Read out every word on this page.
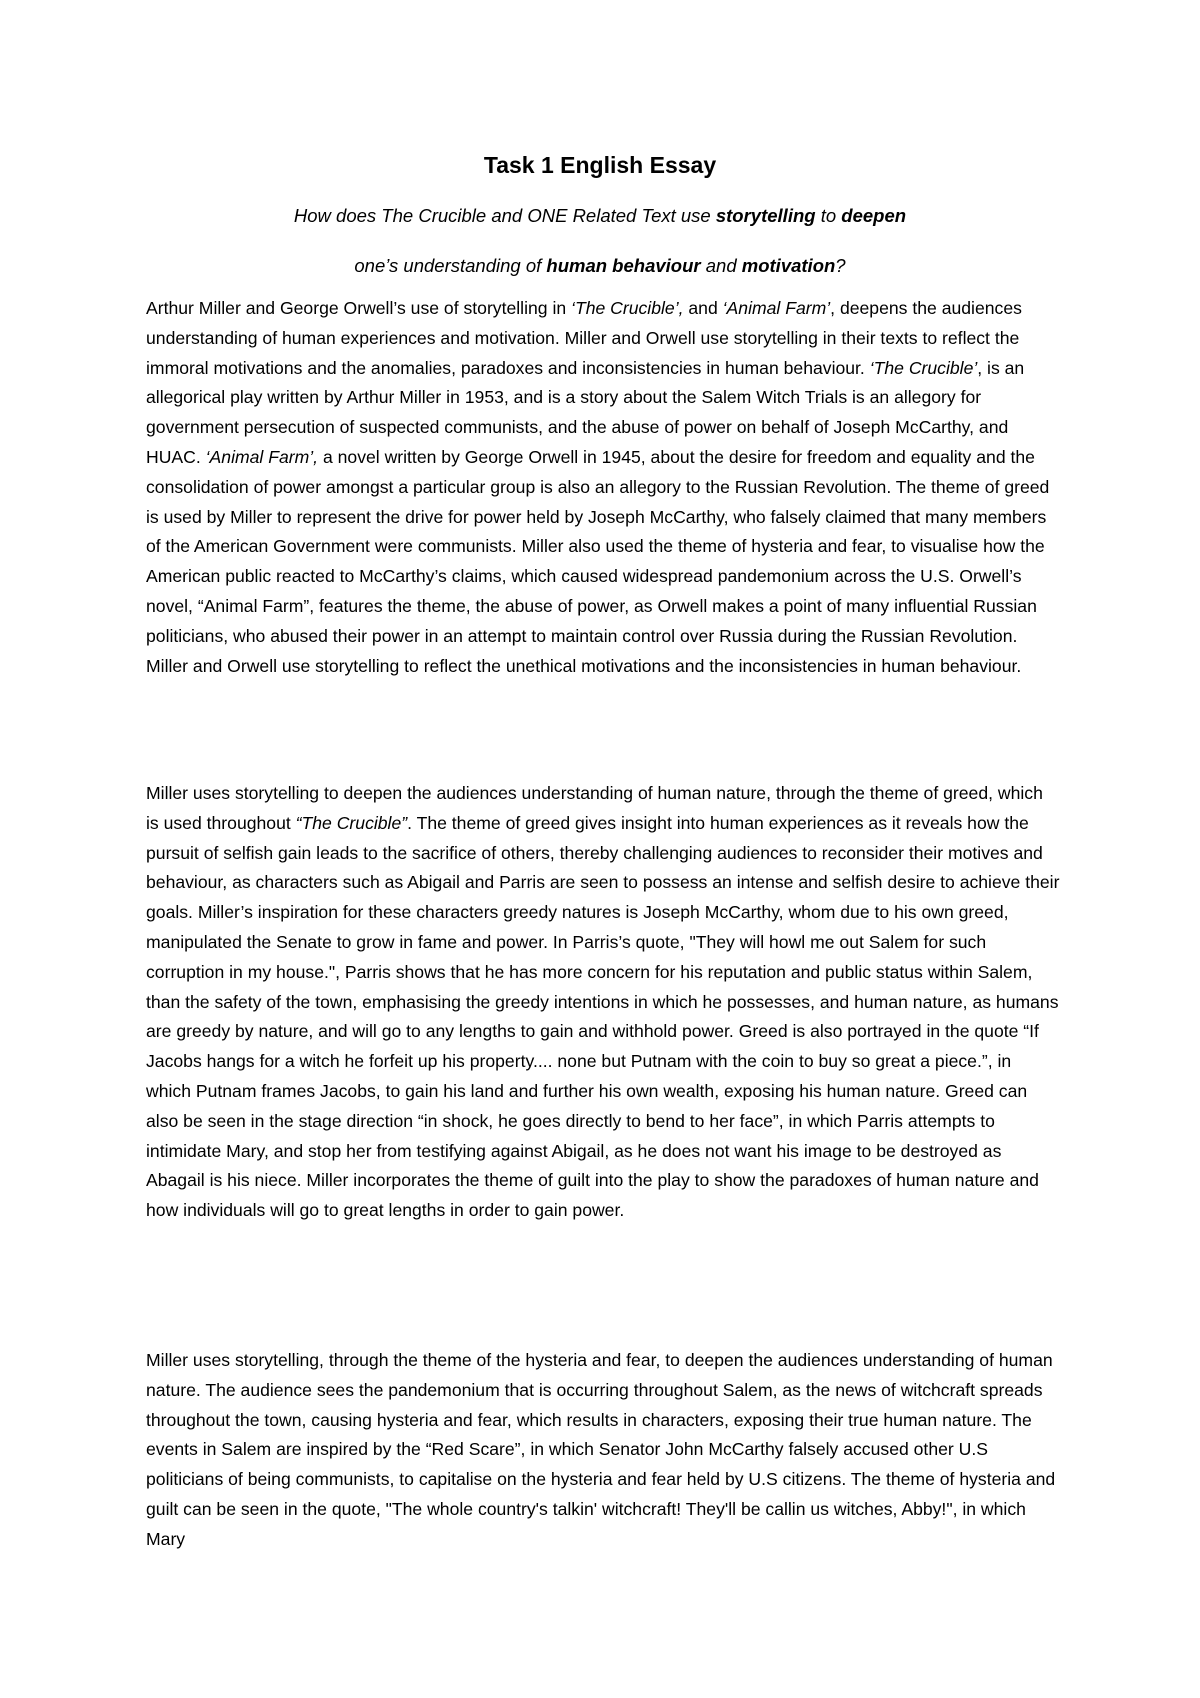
Task 1 English Essay
How does The Crucible and ONE Related Text use storytelling to deepen
one’s understanding of human behaviour and motivation?

Arthur Miller and George Orwell’s use of storytelling in ‘The Crucible’, and ‘Animal Farm’, deepens the audiences understanding of human experiences and motivation. Miller and Orwell use storytelling in their texts to reflect the immoral motivations and the anomalies, paradoxes and inconsistencies in human behaviour. ‘The Crucible’, is an allegorical play written by Arthur Miller in 1953, and is a story about the Salem Witch Trials is an allegory for government persecution of suspected communists, and the abuse of power on behalf of Joseph McCarthy, and HUAC. ‘Animal Farm’, a novel written by George Orwell in 1945, about the desire for freedom and equality and the consolidation of power amongst a particular group is also an allegory to the Russian Revolution. The theme of greed is used by Miller to represent the drive for power held by Joseph McCarthy, who falsely claimed that many members of the American Government were communists. Miller also used the theme of hysteria and fear, to visualise how the American public reacted to McCarthy’s claims, which caused widespread pandemonium across the U.S. Orwell’s novel, “Animal Farm”, features the theme, the abuse of power, as Orwell makes a point of many influential Russian politicians, who abused their power in an attempt to maintain control over Russia during the Russian Revolution. Miller and Orwell use storytelling to reflect the unethical motivations and the inconsistencies in human behaviour.

Miller uses storytelling to deepen the audiences understanding of human nature, through the theme of greed, which is used throughout “The Crucible”. The theme of greed gives insight into human experiences as it reveals how the pursuit of selfish gain leads to the sacrifice of others, thereby challenging audiences to reconsider their motives and behaviour, as characters such as Abigail and Parris are seen to possess an intense and selfish desire to achieve their goals. Miller’s inspiration for these characters greedy natures is Joseph McCarthy, whom due to his own greed, manipulated the Senate to grow in fame and power. In Parris’s quote, "They will howl me out Salem for such corruption in my house.", Parris shows that he has more concern for his reputation and public status within Salem, than the safety of the town, emphasising the greedy intentions in which he possesses, and human nature, as humans are greedy by nature, and will go to any lengths to gain and withhold power. Greed is also portrayed in the quote “If Jacobs hangs for a witch he forfeit up his property.... none but Putnam with the coin to buy so great a piece.”, in which Putnam frames Jacobs, to gain his land and further his own wealth, exposing his human nature. Greed can also be seen in the stage direction “in shock, he goes directly to bend to her face”, in which Parris attempts to intimidate Mary, and stop her from testifying against Abigail, as he does not want his image to be destroyed as Abagail is his niece. Miller incorporates the theme of guilt into the play to show the paradoxes of human nature and how individuals will go to great lengths in order to gain power.

Miller uses storytelling, through the theme of the hysteria and fear, to deepen the audiences understanding of human nature. The audience sees the pandemonium that is occurring throughout Salem, as the news of witchcraft spreads throughout the town, causing hysteria and fear, which results in characters, exposing their true human nature. The events in Salem are inspired by the “Red Scare”, in which Senator John McCarthy falsely accused other U.S politicians of being communists, to capitalise on the hysteria and fear held by U.S citizens. The theme of hysteria and guilt can be seen in the quote, "The whole country's talkin' witchcraft! They'll be callin us witches, Abby!", in which Mary
